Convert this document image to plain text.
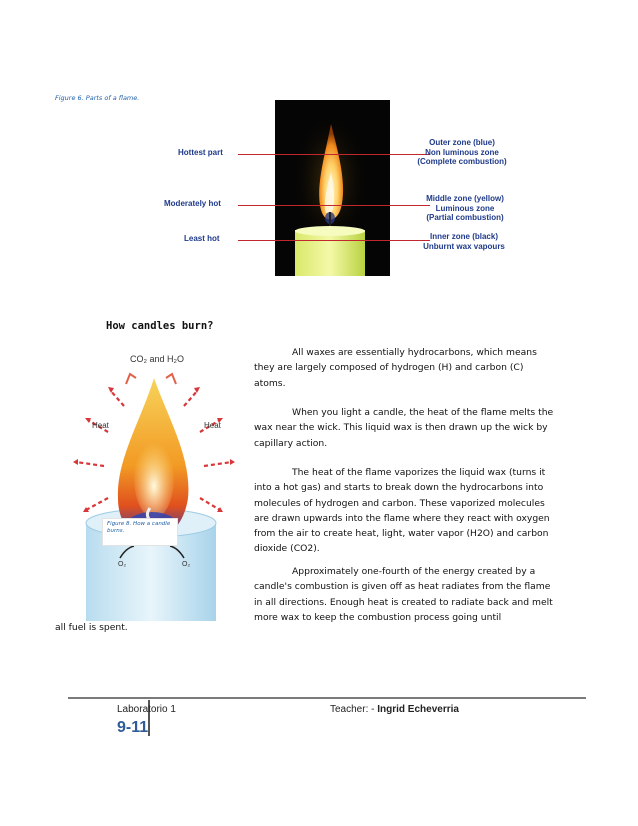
Figure 6. Parts of a flame.
Hottest part
Moderately hot
Least hot
Outer zone (blue)
Non luminous zone
(Complete combustion)
Middle zone (yellow)
Luminous zone
(Partial combustion)
Inner zone (black)
Unburnt wax vapours
How candles burn?
CO₂ and H₂O
Heat	Heat
O₂	O₂
Figure 8. How a candle burns.
All waxes are essentially hydrocarbons, which means they are largely composed of hydrogen (H) and carbon (C) atoms.
When you light a candle, the heat of the flame melts the wax near the wick. This liquid wax is then drawn up the wick by capillary action.
The heat of the flame vaporizes the liquid wax (turns it into a hot gas) and starts to break down the hydrocarbons into molecules of hydrogen and carbon. These vaporized molecules are drawn upwards into the flame where they react with oxygen from the air to create heat, light, water vapor (H2O) and carbon dioxide (CO2).
Approximately one-fourth of the energy created by a candle's combustion is given off as heat radiates from the flame in all directions. Enough heat is created to radiate back and melt more wax to keep the combustion process going until
all fuel is spent.
Laboratorio 1	Teacher: - Ingrid Echeverria
9-11
